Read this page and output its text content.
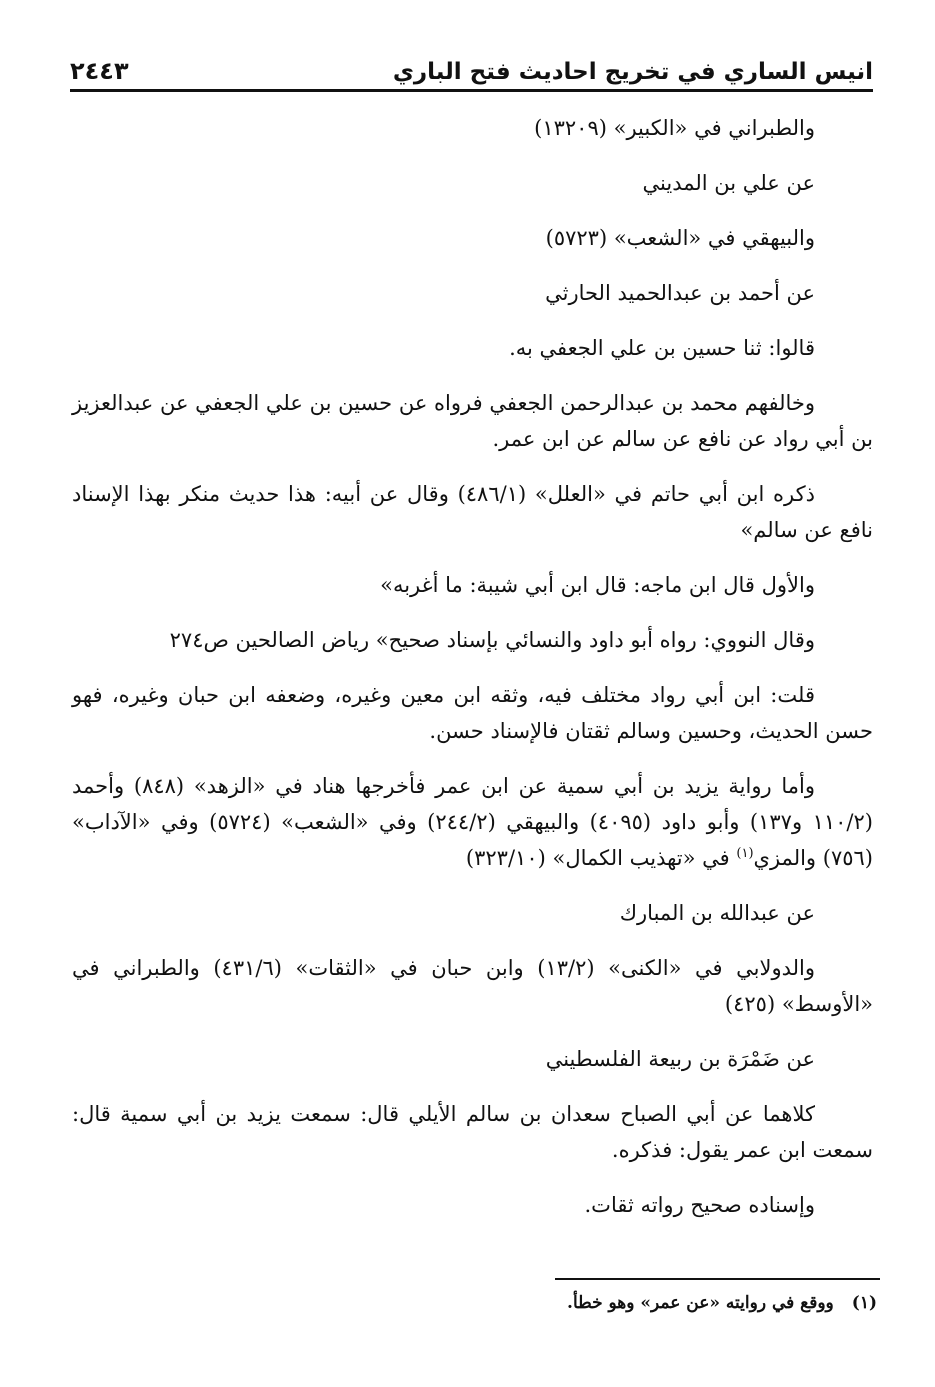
انيس الساري في تخريج احاديث فتح الباري
٢٤٤٣

والطبراني في «الكبير» (١٣٢٠٩)

عن علي بن المديني

والبيهقي في «الشعب» (٥٧٢٣)

عن أحمد بن عبدالحميد الحارثي

قالوا: ثنا حسين بن علي الجعفي به.

وخالفهم محمد بن عبدالرحمن الجعفي فرواه عن حسين بن علي الجعفي عن عبدالعزيز بن أبي رواد عن نافع عن سالم عن ابن عمر.

ذكره ابن أبي حاتم في «العلل» (٤٨٦/١) وقال عن أبيه: هذا حديث منكر بهذا الإسناد نافع عن سالم»

والأول قال ابن ماجه: قال ابن أبي شيبة: ما أغربه»

وقال النووي: رواه أبو داود والنسائي بإسناد صحيح» رياض الصالحين ص٢٧٤

قلت: ابن أبي رواد مختلف فيه، وثقه ابن معين وغيره، وضعفه ابن حبان وغيره، فهو حسن الحديث، وحسين وسالم ثقتان فالإسناد حسن.

وأما رواية يزيد بن أبي سمية عن ابن عمر فأخرجها هناد في «الزهد» (٨٤٨) وأحمد (١١٠/٢ و١٣٧) وأبو داود (٤٠٩٥) والبيهقي (٢٤٤/٢) وفي «الشعب» (٥٧٢٤) وفي «الآداب» (٧٥٦) والمزي$^{(١)}$ في «تهذيب الكمال» (٣٢٣/١٠)

عن عبدالله بن المبارك

والدولابي في «الكنى» (١٣/٢) وابن حبان في «الثقات» (٤٣١/٦) والطبراني في «الأوسط» (٤٢٥)

عن ضَمْرَة بن ربيعة الفلسطيني

كلاهما عن أبي الصباح سعدان بن سالم الأيلي قال: سمعت يزيد بن أبي سمية قال: سمعت ابن عمر يقول: فذكره.

وإسناده صحيح رواته ثقات.

(١)
ووقع في روايته «عن عمر» وهو خطأ.
